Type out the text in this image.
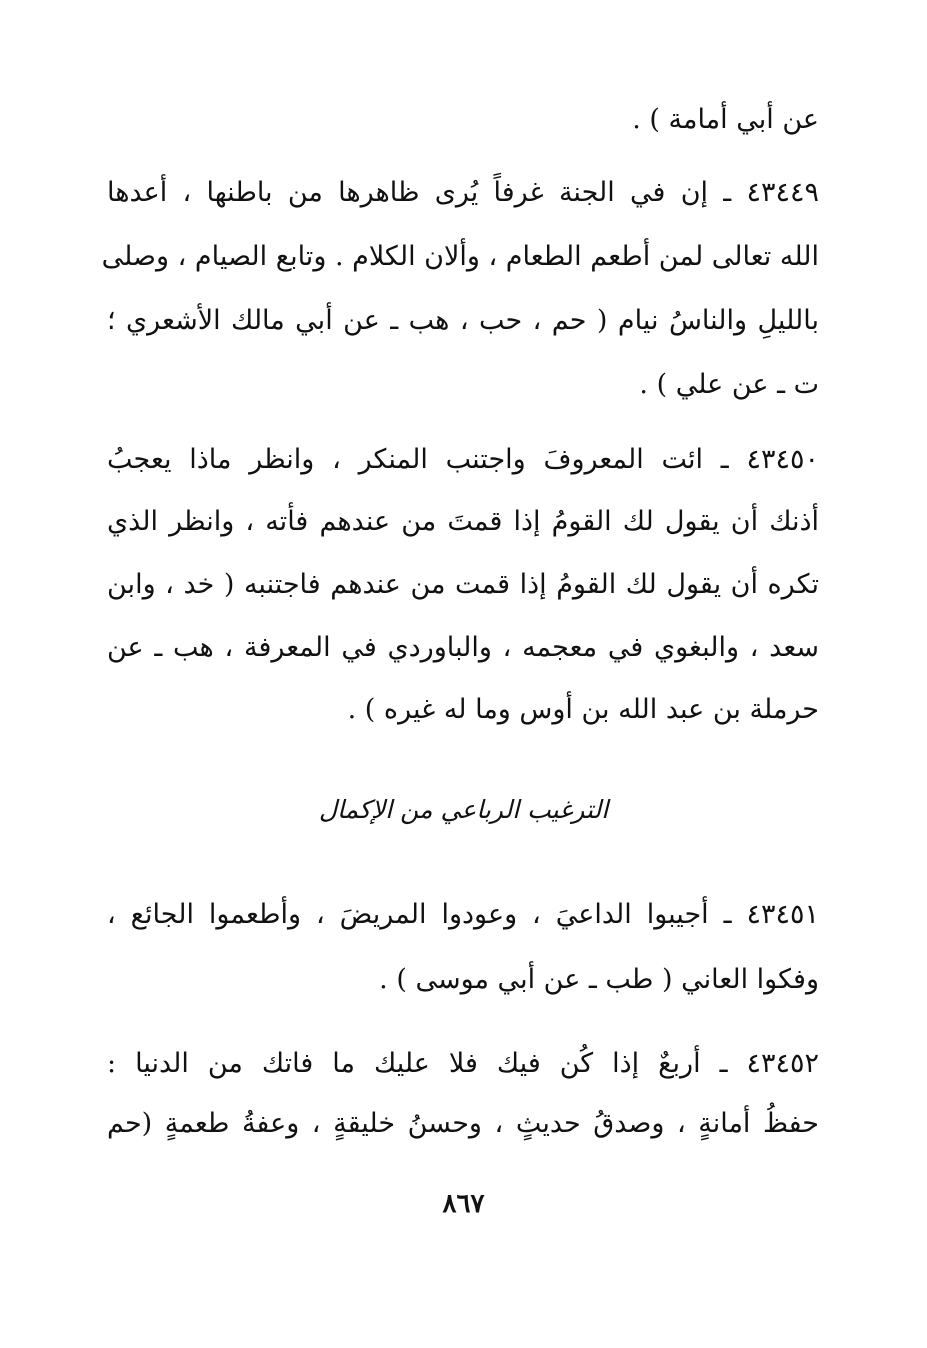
عن أبي أمامة ) .
٤٣٤٤٩ ـ إن في الجنة غرفاً يُرى ظاهرها من باطنها ، أعدها
الله تعالى لمن أطعم الطعام ، وألان الكلام . وتابع الصيام ، وصلى
بالليلِ والناسُ نيام ( حم ، حب ، هب ـ عن أبي مالك الأشعري ؛
ت ـ عن علي ) .
٤٣٤٥٠ ـ ائت المعروفَ واجتنب المنكر ، وانظر ماذا يعجبُ
أذنك أن يقول لك القومُ إذا قمتَ من عندهم فأته ، وانظر الذي
تكره أن يقول لك القومُ إذا قمت من عندهم فاجتنبه ( خد ، وابن
سعد ، والبغوي في معجمه ، والباوردي في المعرفة ، هب ـ عن
حرملة بن عبد الله بن أوس وما له غيره ) .
الترغيب الرباعي من الإكمال
٤٣٤٥١ ـ أجيبوا الداعيَ ، وعودوا المريضَ ، وأطعموا الجائع ،
وفكوا العاني ( طب ـ عن أبي موسى ) .
٤٣٤٥٢ ـ أربعٌ إذا كُن فيك فلا عليك ما فاتك من الدنيا :
حفظُ أمانةٍ ، وصدقُ حديثٍ ، وحسنُ خليقةٍ ، وعفةُ طعمةٍ (حم
٨٦٧
